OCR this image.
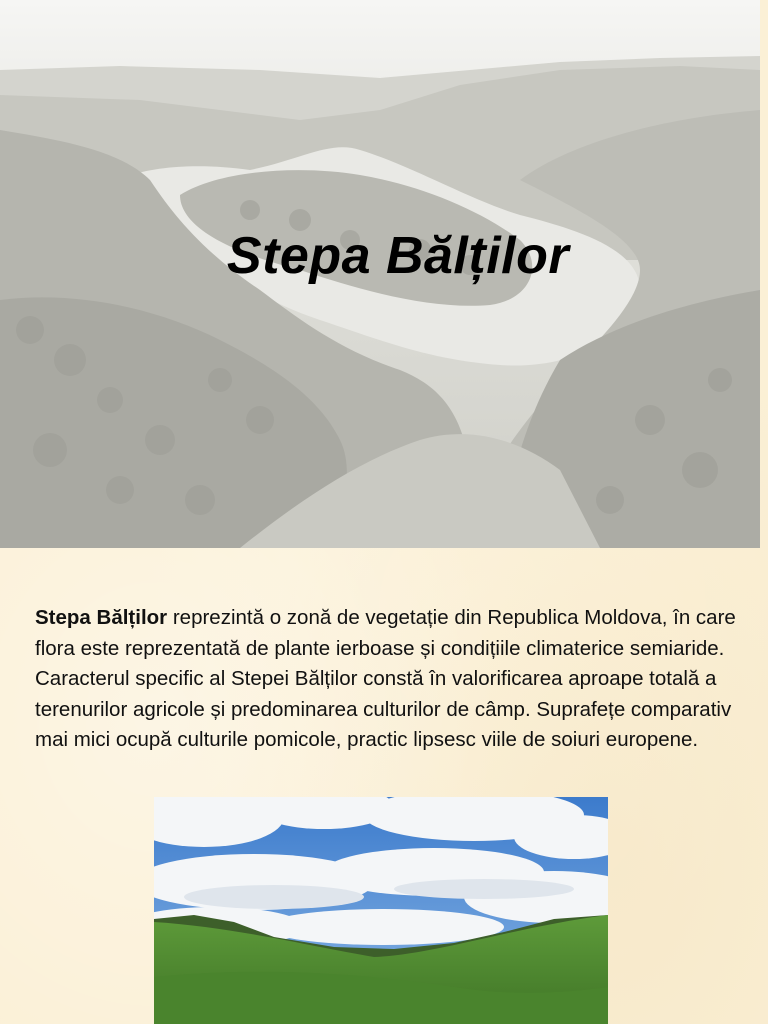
Stepa Bălților
Stepa Bălților reprezintă o zonă de vegetație din Republica Moldova, în care flora este reprezentată de plante ierboase și condițiile climaterice semiaride. Caracterul specific al Stepei Bălților constă în valorificarea aproape totală a terenurilor agricole și predominarea culturilor de câmp. Suprafețe comparativ mai mici ocupă culturile pomicole, practic lipsesc viile de soiuri europene.
